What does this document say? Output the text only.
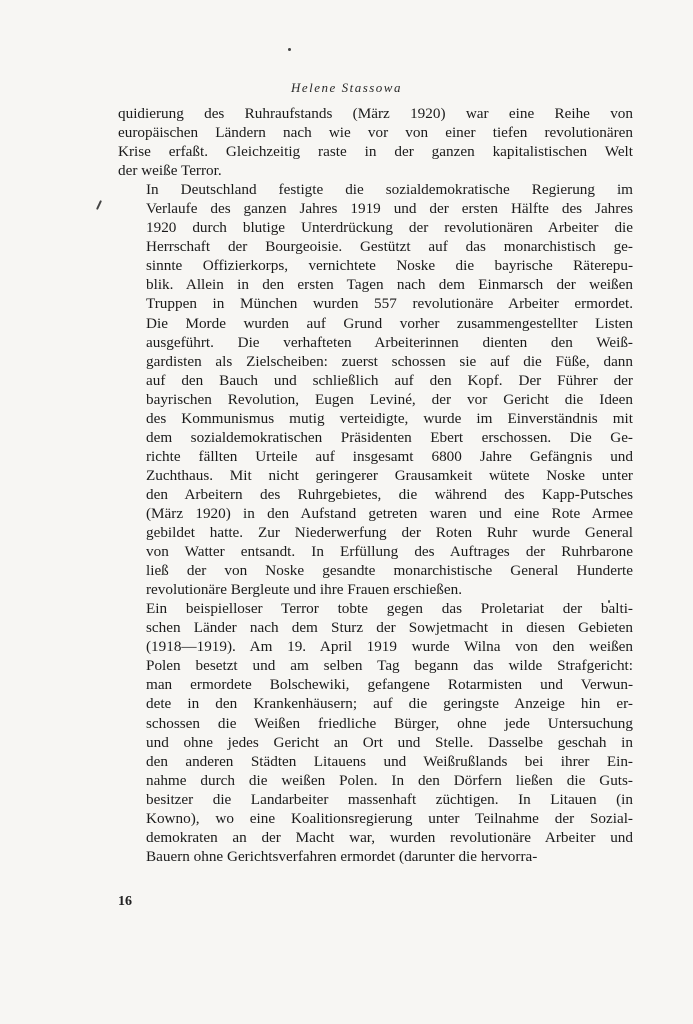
Helene Stassowa

quidierung des Ruhraufstands (März 1920) war eine Reihe von
europäischen Ländern nach wie vor von einer tiefen revolutionären
Krise erfaßt. Gleichzeitig raste in der ganzen kapitalistischen Welt
der weiße Terror.

In Deutschland festigte die sozialdemokratische Regierung im
Verlaufe des ganzen Jahres 1919 und der ersten Hälfte des Jahres
1920 durch blutige Unterdrückung der revolutionären Arbeiter die
Herrschaft der Bourgeoisie. Gestützt auf das monarchistisch ge-
sinnte Offizierkorps, vernichtete Noske die bayrische Räterepu-
blik. Allein in den ersten Tagen nach dem Einmarsch der weißen
Truppen in München wurden 557 revolutionäre Arbeiter ermordet.
Die Morde wurden auf Grund vorher zusammengestellter Listen
ausgeführt. Die verhafteten Arbeiterinnen dienten den Weiß-
gardisten als Zielscheiben: zuerst schossen sie auf die Füße, dann
auf den Bauch und schließlich auf den Kopf. Der Führer der
bayrischen Revolution, Eugen Leviné, der vor Gericht die Ideen
des Kommunismus mutig verteidigte, wurde im Einverständnis mit
dem sozialdemokratischen Präsidenten Ebert erschossen. Die Ge-
richte fällten Urteile auf insgesamt 6800 Jahre Gefängnis und
Zuchthaus. Mit nicht geringerer Grausamkeit wütete Noske unter
den Arbeitern des Ruhrgebietes, die während des Kapp-Putsches
(März 1920) in den Aufstand getreten waren und eine Rote Armee
gebildet hatte. Zur Niederwerfung der Roten Ruhr wurde General
von Watter entsandt. In Erfüllung des Auftrages der Ruhrbarone
ließ der von Noske gesandte monarchistische General Hunderte
revolutionäre Bergleute und ihre Frauen erschießen.

Ein beispielloser Terror tobte gegen das Proletariat der balti-
schen Länder nach dem Sturz der Sowjetmacht in diesen Gebieten
(1918—1919). Am 19. April 1919 wurde Wilna von den weißen
Polen besetzt und am selben Tag begann das wilde Strafgericht:
man ermordete Bolschewiki, gefangene Rotarmisten und Verwun-
dete in den Krankenhäusern; auf die geringste Anzeige hin er-
schossen die Weißen friedliche Bürger, ohne jede Untersuchung
und ohne jedes Gericht an Ort und Stelle. Dasselbe geschah in
den anderen Städten Litauens und Weißrußlands bei ihrer Ein-
nahme durch die weißen Polen. In den Dörfern ließen die Guts-
besitzer die Landarbeiter massenhaft züchtigen. In Litauen (in
Kowno), wo eine Koalitionsregierung unter Teilnahme der Sozial-
demokraten an der Macht war, wurden revolutionäre Arbeiter und
Bauern ohne Gerichtsverfahren ermordet (darunter die hervorra-

16
